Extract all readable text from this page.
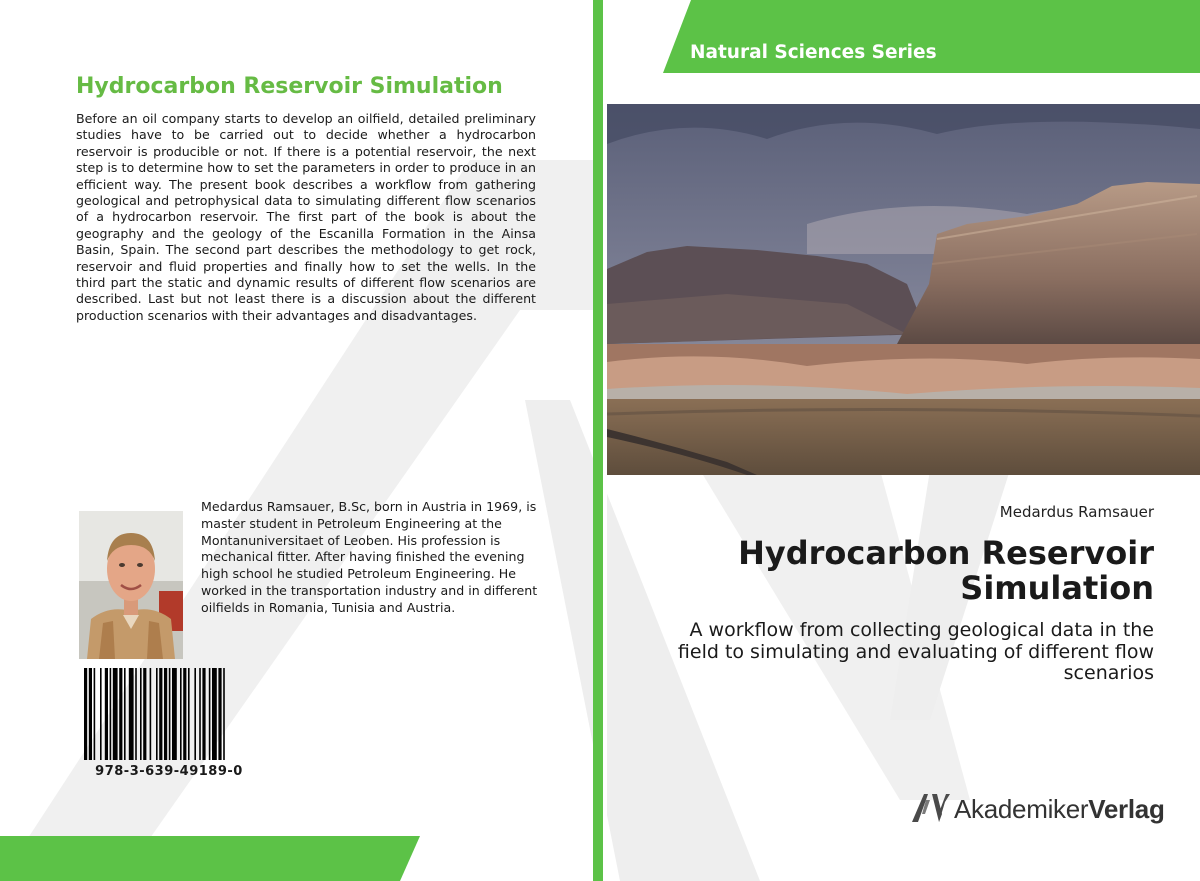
Hydrocarbon Reservoir Simulation

Before an oil company starts to develop an oilfield, detailed preliminary studies have to be carried out to decide whether a hydrocarbon reservoir is producible or not. If there is a potential reservoir, the next step is to determine how to set the parameters in order to produce in an efficient way. The present book describes a workflow from gathering geological and petrophysical data to simulating different flow scenarios of a hydrocarbon reservoir. The first part of the book is about the geography and the geology of the Escanilla Formation in the Ainsa Basin, Spain. The second part describes the methodology to get rock, reservoir and fluid properties and finally how to set the wells. In the third part the static and dynamic results of different flow scenarios are described. Last but not least there is a discussion about the different production scenarios with their advantages and disadvantages.

Medardus Ramsauer, B.Sc, born in Austria in 1969, is master student in Petroleum Engineering at the Montanuniversitaet of Leoben. His profession is mechanical fitter. After having finished the evening high school he studied Petroleum Engineering. He worked in the transportation industry and in different oilfields in Romania, Tunisia and Austria.

978-3-639-49189-0
Natural Sciences Series
Medardus Ramsauer
Hydrocarbon Reservoir
Simulation

A workflow from collecting geological data in the field to simulating and evaluating of different flow scenarios

AkademikerVerlag
